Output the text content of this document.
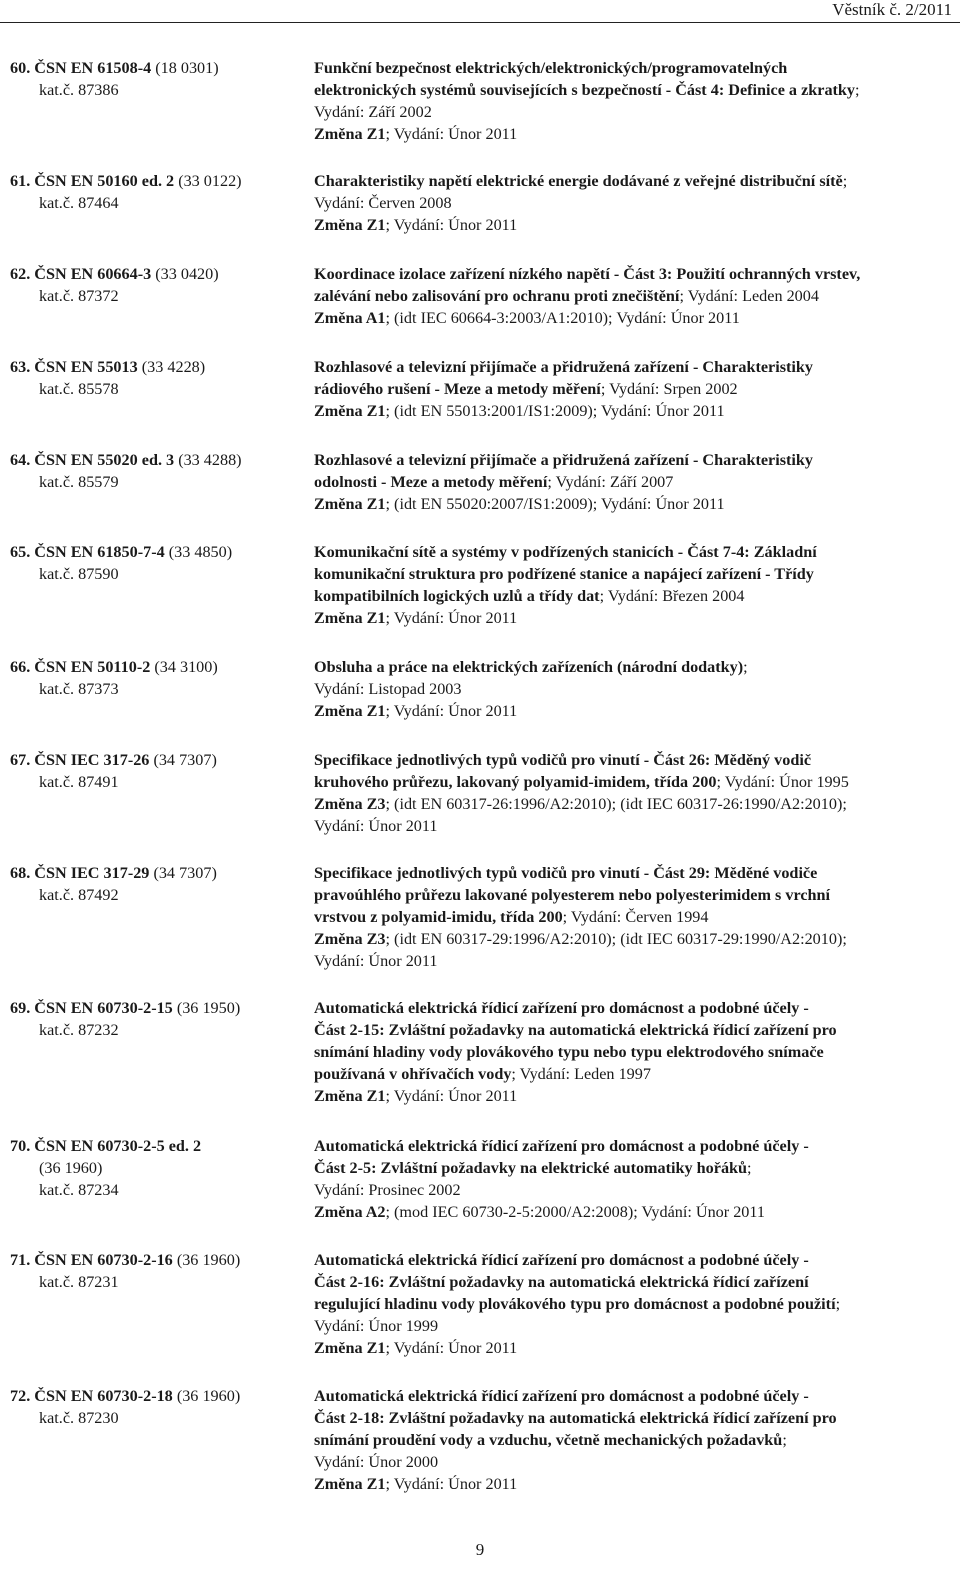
Věstník č. 2/2011
60. ČSN EN 61508-4 (18 0301)
kat.č. 87386
Funkční bezpečnost elektrických/elektronických/programovatelných
elektronických systémů souvisejících s bezpečností - Část 4: Definice a zkratky;
Vydání: Září 2002
Změna Z1; Vydání: Únor 2011
61. ČSN EN 50160 ed. 2 (33 0122)
kat.č. 87464
Charakteristiky napětí elektrické energie dodávané z veřejné distribuční sítě;
Vydání: Červen 2008
Změna Z1; Vydání: Únor 2011
62. ČSN EN 60664-3 (33 0420)
kat.č. 87372
Koordinace izolace zařízení nízkého napětí - Část 3: Použití ochranných vrstev,
zalévání nebo zalisování pro ochranu proti znečištění; Vydání: Leden 2004
Změna A1; (idt IEC 60664-3:2003/A1:2010); Vydání: Únor 2011
63. ČSN EN 55013 (33 4228)
kat.č. 85578
Rozhlasové a televizní přijímače a přidružená zařízení - Charakteristiky
rádiového rušení - Meze a metody měření; Vydání: Srpen 2002
Změna Z1; (idt EN 55013:2001/IS1:2009); Vydání: Únor 2011
64. ČSN EN 55020 ed. 3 (33 4288)
kat.č. 85579
Rozhlasové a televizní přijímače a přidružená zařízení - Charakteristiky
odolnosti - Meze a metody měření; Vydání: Září 2007
Změna Z1; (idt EN 55020:2007/IS1:2009); Vydání: Únor 2011
65. ČSN EN 61850-7-4 (33 4850)
kat.č. 87590
Komunikační sítě a systémy v podřízených stanicích - Část 7-4: Základní
komunikační struktura pro podřízené stanice a napájecí zařízení - Třídy
kompatibilních logických uzlů a třídy dat; Vydání: Březen 2004
Změna Z1; Vydání: Únor 2011
66. ČSN EN 50110-2 (34 3100)
kat.č. 87373
Obsluha a práce na elektrických zařízeních (národní dodatky);
Vydání: Listopad 2003
Změna Z1; Vydání: Únor 2011
67. ČSN IEC 317-26 (34 7307)
kat.č. 87491
Specifikace jednotlivých typů vodičů pro vinutí - Část 26: Měděný vodič
kruhového průřezu, lakovaný polyamid-imidem, třída 200; Vydání: Únor 1995
Změna Z3; (idt EN 60317-26:1996/A2:2010); (idt IEC 60317-26:1990/A2:2010);
Vydání: Únor 2011
68. ČSN IEC 317-29 (34 7307)
kat.č. 87492
Specifikace jednotlivých typů vodičů pro vinutí - Část 29: Měděné vodiče
pravoúhlého průřezu lakované polyesterem nebo polyesterimidem s vrchní
vrstvou z polyamid-imidu, třída 200; Vydání: Červen 1994
Změna Z3; (idt EN 60317-29:1996/A2:2010); (idt IEC 60317-29:1990/A2:2010);
Vydání: Únor 2011
69. ČSN EN 60730-2-15 (36 1950)
kat.č. 87232
Automatická elektrická řídicí zařízení pro domácnost a podobné účely -
Část 2-15: Zvláštní požadavky na automatická elektrická řídicí zařízení pro
snímání hladiny vody plovákového typu nebo typu elektrodového snímače
používaná v ohřívačích vody; Vydání: Leden 1997
Změna Z1; Vydání: Únor 2011
70. ČSN EN 60730-2-5 ed. 2
(36 1960)
kat.č. 87234
Automatická elektrická řídicí zařízení pro domácnost a podobné účely -
Část 2-5: Zvláštní požadavky na elektrické automatiky hořáků;
Vydání: Prosinec 2002
Změna A2; (mod IEC 60730-2-5:2000/A2:2008); Vydání: Únor 2011
71. ČSN EN 60730-2-16 (36 1960)
kat.č. 87231
Automatická elektrická řídicí zařízení pro domácnost a podobné účely -
Část 2-16: Zvláštní požadavky na automatická elektrická řídicí zařízení
regulující hladinu vody plovákového typu pro domácnost a podobné použití;
Vydání: Únor 1999
Změna Z1; Vydání: Únor 2011
72. ČSN EN 60730-2-18 (36 1960)
kat.č. 87230
Automatická elektrická řídicí zařízení pro domácnost a podobné účely -
Část 2-18: Zvláštní požadavky na automatická elektrická řídicí zařízení pro
snímání proudění vody a vzduchu, včetně mechanických požadavků;
Vydání: Únor 2000
Změna Z1; Vydání: Únor 2011
9
